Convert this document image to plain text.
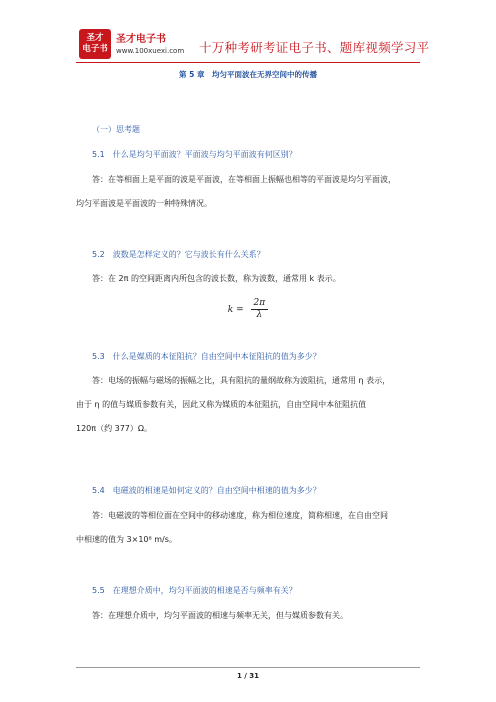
圣才
电子书
圣才电子书
www.100xuexi.com 十万种考研考证电子书、题库视频学习平
第 5 章　均匀平面波在无界空间中的传播
（一）思考题
5.1　什么是均匀平面波？平面波与均匀平面波有何区别？
答：在等相面上是平面的波是平面波，在等相面上振幅也相等的平面波是均匀平面波，
均匀平面波是平面波的一种特殊情况。
5.2　波数是怎样定义的？它与波长有什么关系？
答：在 2π 的空间距离内所包含的波长数，称为波数，通常用 k 表示。
5.3　什么是媒质的本征阻抗？自由空间中本征阻抗的值为多少？
答：电场的振幅与磁场的振幅之比，具有阻抗的量纲故称为波阻抗，通常用 η 表示，
由于 η 的值与媒质参数有关，因此又称为媒质的本征阻抗，自由空间中本征阻抗值
120π（约 377）Ω。
5.4　电磁波的相速是如何定义的？自由空间中相速的值为多少？
答：电磁波的等相位面在空间中的移动速度，称为相位速度，简称相速，在自由空间
中相速的值为 3×10⁸ m/s。
5.5　在理想介质中，均匀平面波的相速是否与频率有关？
答：在理想介质中，均匀平面波的相速与频率无关，但与媒质参数有关。
$k = \frac{2\pi}{\lambda}$
1 / 31
